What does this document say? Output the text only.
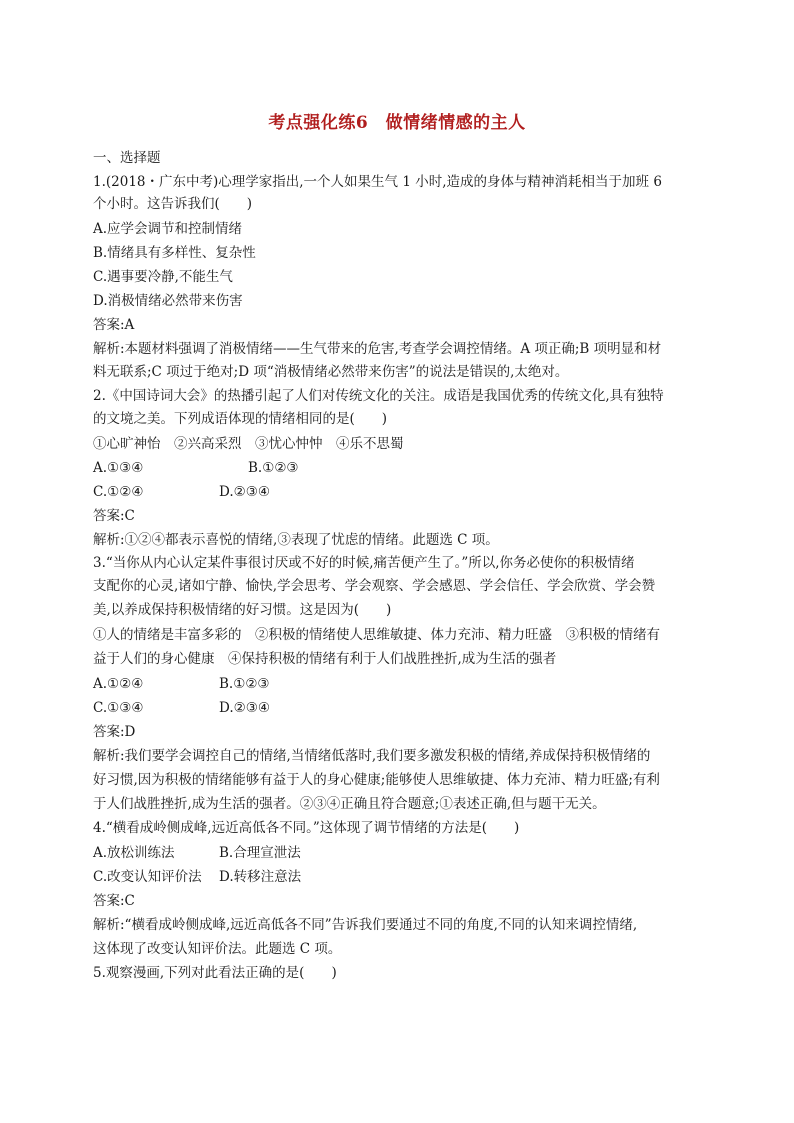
考点强化练6　做情绪情感的主人
一、选择题
1.(2018・广东中考)心理学家指出,一个人如果生气 1 小时,造成的身体与精神消耗相当于加班 6
个小时。这告诉我们(　　)
A.应学会调节和控制情绪
B.情绪具有多样性、复杂性
C.遇事要冷静,不能生气
D.消极情绪必然带来伤害
答案:A
解析:本题材料强调了消极情绪——生气带来的危害,考查学会调控情绪。A 项正确;B 项明显和材
料无联系;C 项过于绝对;D 项“消极情绪必然带来伤害”的说法是错误的,太绝对。
2.《中国诗词大会》的热播引起了人们对传统文化的关注。成语是我国优秀的传统文化,具有独特
的文境之美。下列成语体现的情绪相同的是(　　)
①心旷神怡　②兴高采烈　③忧心忡忡　④乐不思蜀
A.①③④	B.①②③
C.①②④	D.②③④
答案:C
解析:①②④都表示喜悦的情绪,③表现了忧虑的情绪。此题选 C 项。
3.“当你从内心认定某件事很讨厌或不好的时候,痛苦便产生了。”所以,你务必使你的积极情绪
支配你的心灵,诸如宁静、愉快,学会思考、学会观察、学会感恩、学会信任、学会欣赏、学会赞
美,以养成保持积极情绪的好习惯。这是因为(　　)
①人的情绪是丰富多彩的　②积极的情绪使人思维敏捷、体力充沛、精力旺盛　③积极的情绪有
益于人们的身心健康　④保持积极的情绪有利于人们战胜挫折,成为生活的强者
A.①②④	B.①②③
C.①③④	D.②③④
答案:D
解析:我们要学会调控自己的情绪,当情绪低落时,我们要多激发积极的情绪,养成保持积极情绪的
好习惯,因为积极的情绪能够有益于人的身心健康;能够使人思维敏捷、体力充沛、精力旺盛;有利
于人们战胜挫折,成为生活的强者。②③④正确且符合题意;①表述正确,但与题干无关。
4.“横看成岭侧成峰,远近高低各不同。”这体现了调节情绪的方法是(　　)
A.放松训练法	B.合理宣泄法
C.改变认知评价法 D.转移注意法
答案:C
解析:“横看成岭侧成峰,远近高低各不同”告诉我们要通过不同的角度,不同的认知来调控情绪,
这体现了改变认知评价法。此题选 C 项。
5.观察漫画,下列对此看法正确的是(　　)
